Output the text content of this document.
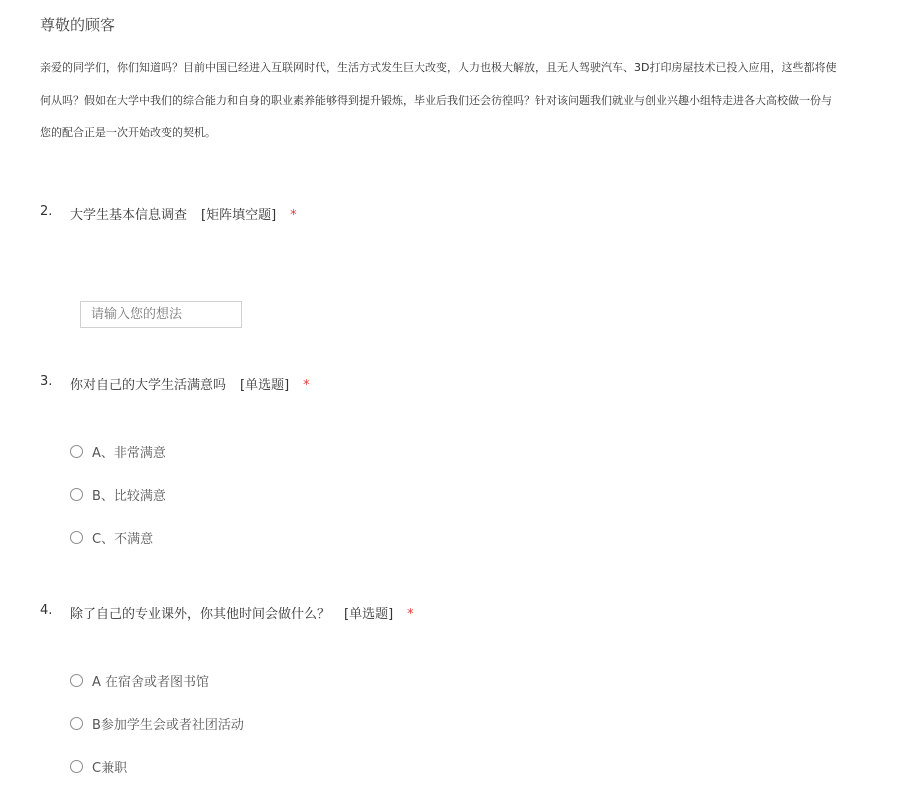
尊敬的顾客
亲爱的同学们，你们知道吗？目前中国已经进入互联网时代，生活方式发生巨大改变，人力也极大解放，且无人驾驶汽车、3D打印房屋技术已投入应用，这些都将使
何从吗？假如在大学中我们的综合能力和自身的职业素养能够得到提升锻炼，毕业后我们还会彷徨吗？针对该问题我们就业与创业兴趣小组特走进各大高校做一份与
您的配合正是一次开始改变的契机。
2. 大学生基本信息调查 [矩阵填空题] *
请输入您的想法
3. 你对自己的大学生活满意吗 [单选题] *
A、非常满意
B、比较满意
C、不满意
4. 除了自己的专业课外，你其他时间会做什么？ [单选题] *
A 在宿舍或者图书馆
B参加学生会或者社团活动
C兼职
